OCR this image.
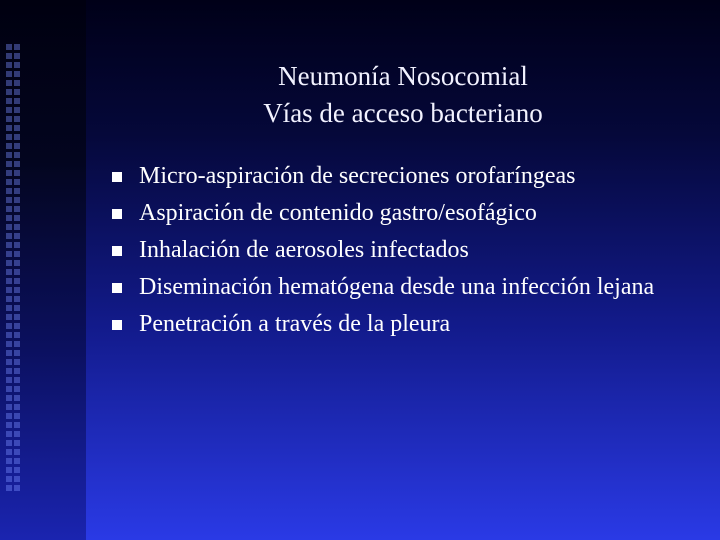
Neumonía Nosocomial
Vías de acceso bacteriano
Micro-aspiración de secreciones orofaríngeas
Aspiración de contenido gastro/esofágico
Inhalación de aerosoles infectados
Diseminación hematógena desde una infección lejana
Penetración a través de la pleura
